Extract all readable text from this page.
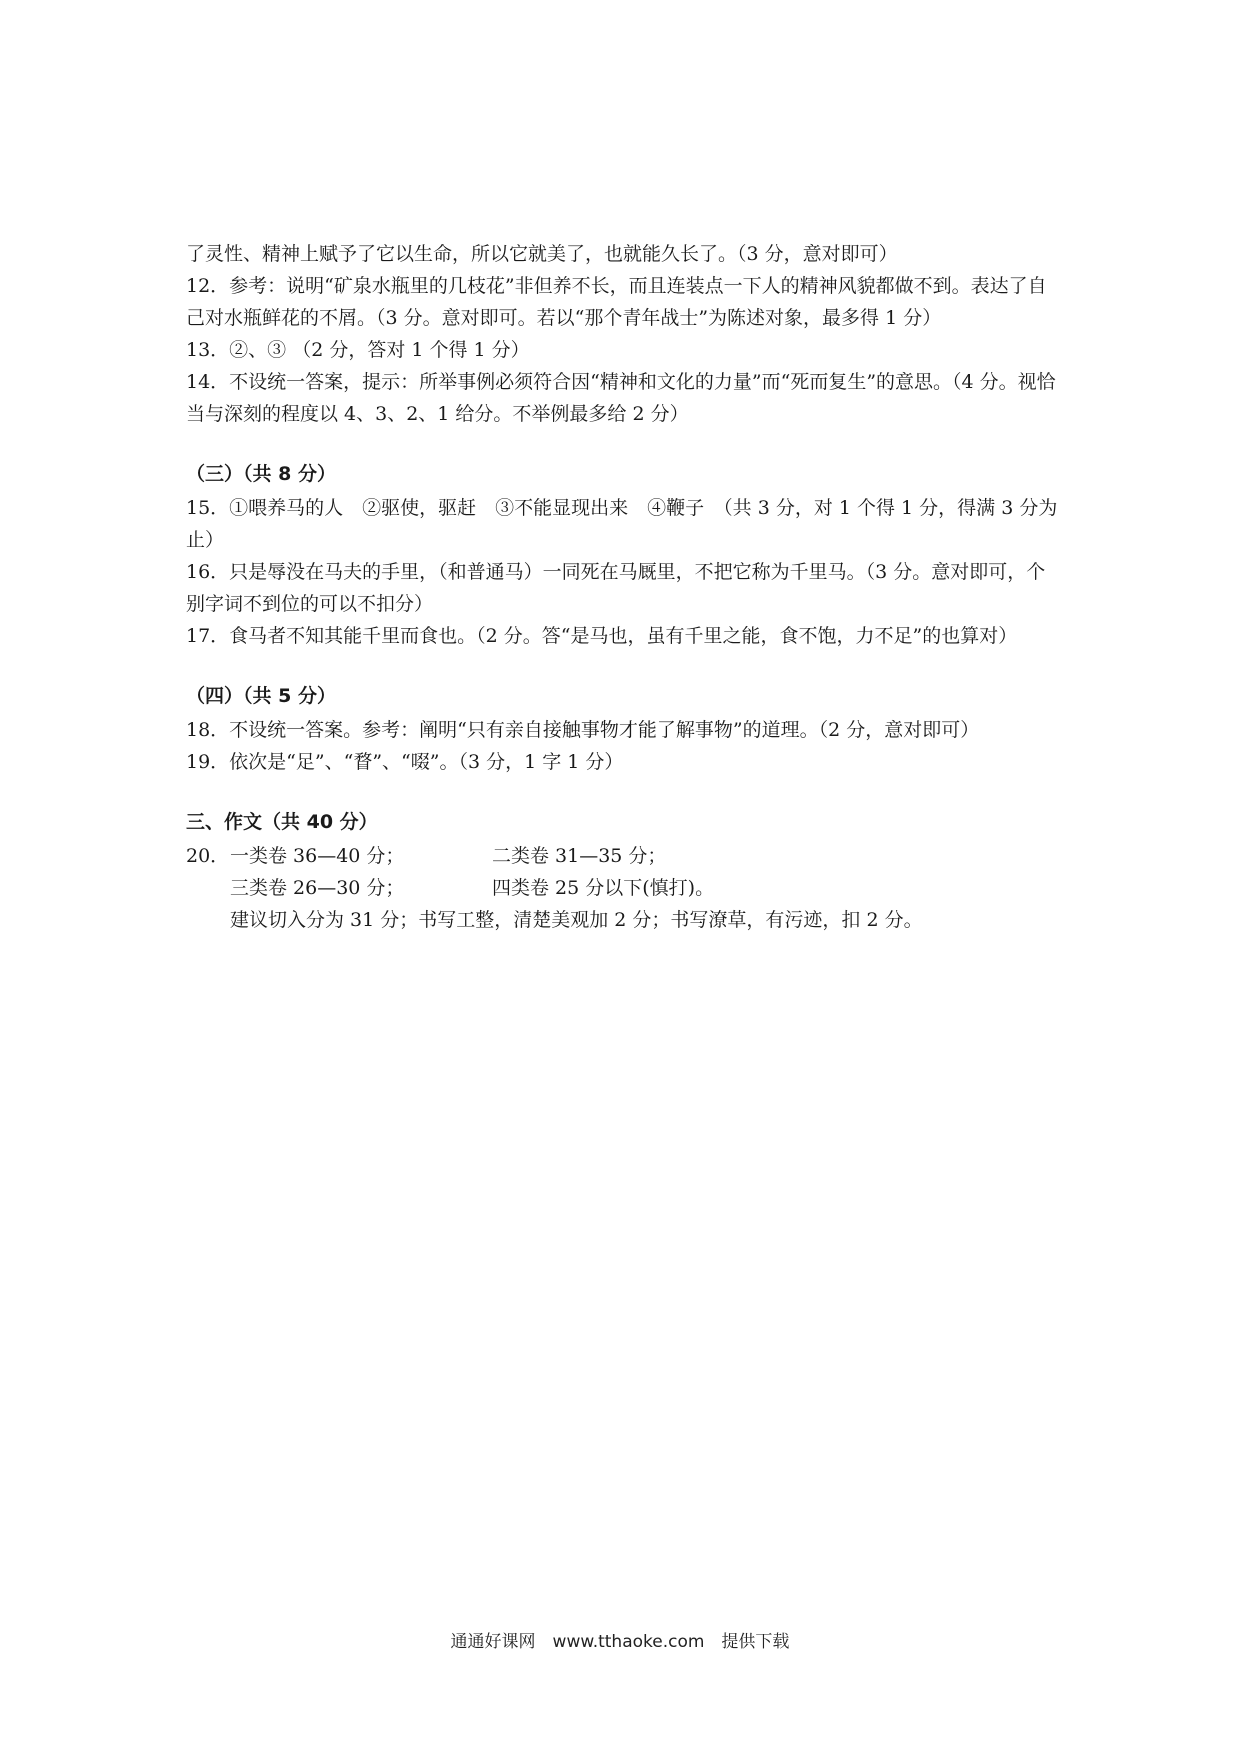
了灵性、精神上赋予了它以生命，所以它就美了，也就能久长了。（3 分，意对即可）

12．参考：说明“矿泉水瓶里的几枝花”非但养不长，而且连装点一下人的精神风貌都做不到。表达了自己对水瓶鲜花的不屑。（3 分。意对即可。若以“那个青年战士”为陈述对象，最多得 1 分）

13．②、③ （2 分，答对 1 个得 1 分）

14．不设统一答案，提示：所举事例必须符合因“精神和文化的力量”而“死而复生”的意思。（4 分。视恰当与深刻的程度以 4、3、2、1 给分。不举例最多给 2 分）

（三）（共 8 分）

15．①喂养马的人　②驱使，驱赶　③不能显现出来　④鞭子　（共 3 分，对 1 个得 1 分，得满 3 分为止）

16．只是辱没在马夫的手里，（和普通马）一同死在马厩里，不把它称为千里马。（3 分。意对即可，个别字词不到位的可以不扣分）

17．食马者不知其能千里而食也。（2 分。答“是马也，虽有千里之能，食不饱，力不足”的也算对）

（四）（共 5 分）

18．不设统一答案。参考：阐明“只有亲自接触事物才能了解事物”的道理。（2 分，意对即可）

19．依次是“足”、“瞀”、“啜”。（3 分，1 字 1 分）

三、作文（共 40 分）
20． 一类卷 36—40 分；	二类卷 31—35 分；
三类卷 26—30 分；	四类卷 25 分以下(慎打)。

建议切入分为 31 分；书写工整，清楚美观加 2 分；书写潦草，有污迹，扣 2 分。

通通好课网　www.tthaoke.com　提供下载
